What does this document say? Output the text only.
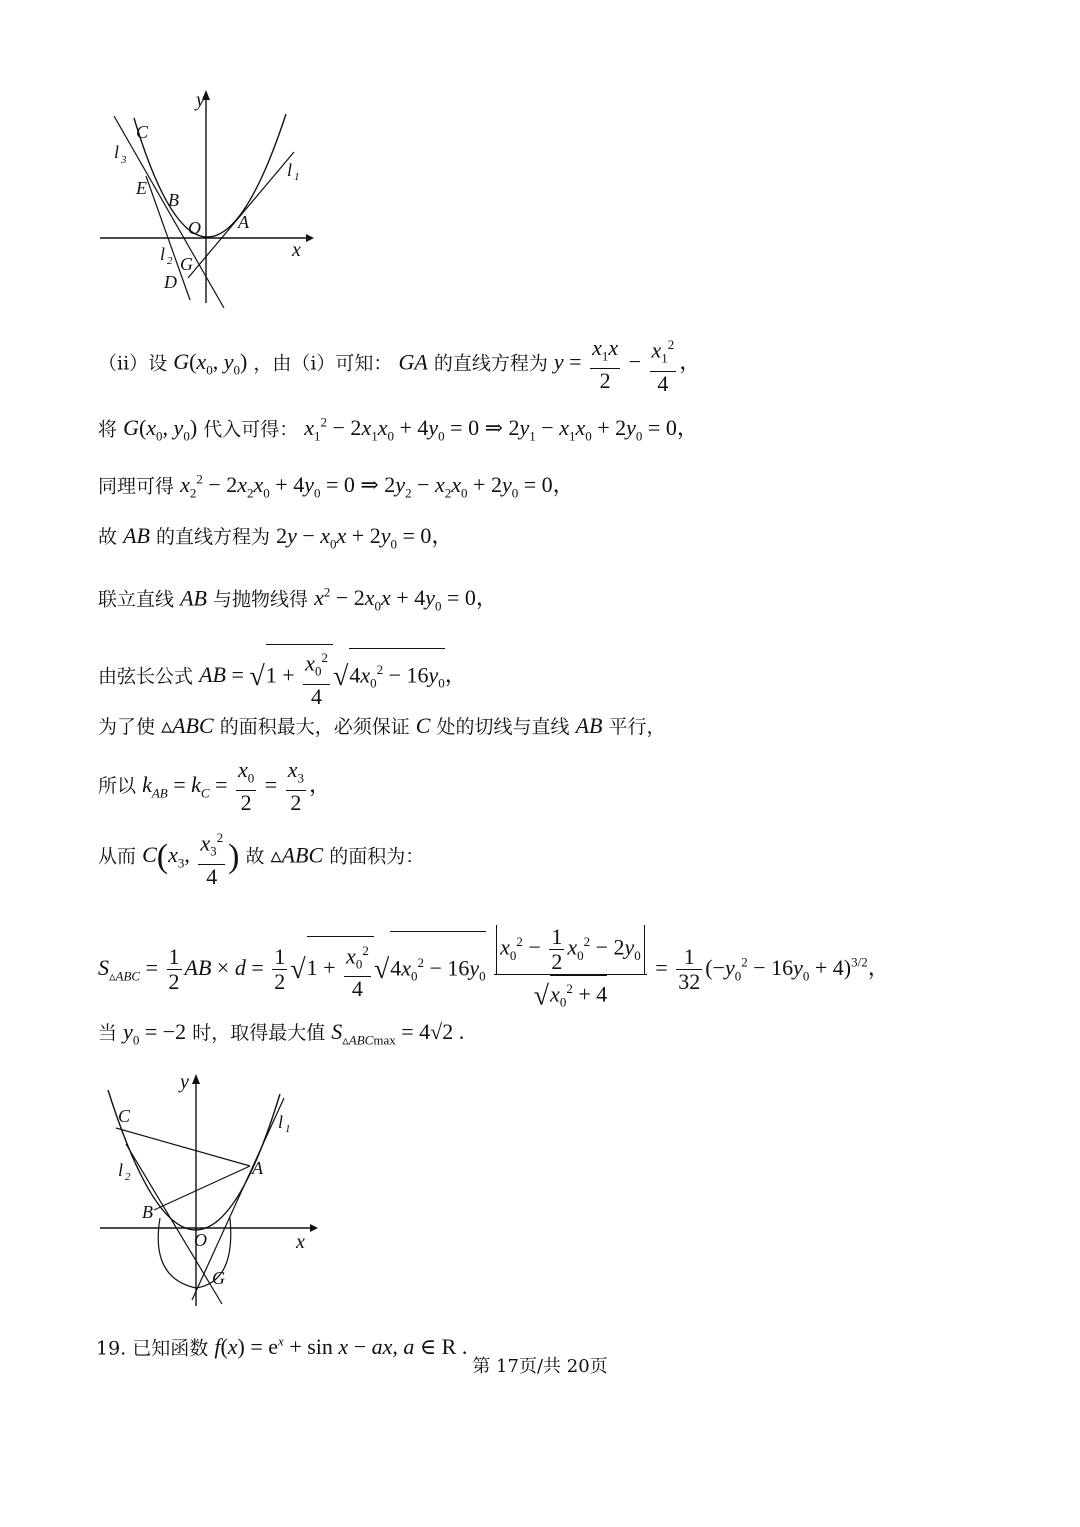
y
x
C
l 3
E
B
O A
l 1
l 2 G
D
（ii）设 $G(x_0$, $y_0$) ，由（i）可知： GA 的直线方程为 $y = \frac{x_1x}{2} - \frac{x_1^2}{4}$ ，
将 $G(x_0$, $y_0$) 代入可得： $x_1^2 - 2x_1x_0 + 4y_0 = 0$ ⇒ $2y_1 - x_1x_0 + 2y_0 = 0$，
同理可得 $x_2^2 - 2x_2x_0 + 4y_0 = 0$ ⇒ $2y_2 - x_2x_0 + 2y_0 = 0$，
故 AB 的直线方程为 $2y - x_0x + 2y_0 = 0$，
联立直线 AB 与抛物线得 $x^2 - 2x_0x + 4y_0 = 0$，
由弦长公式 AB = $√1 + \frac{x_0^2}{4} √4x_0^2 - 16y_0$，
为了使 ▵ABC 的面积最大，必须保证 C 处的切线与直线 AB 平行，
所以 $k_{AB} = k_C = \frac{x_0}{2} = \frac{x_3}{2}$ ，
从而 $C(x_3$, $\frac{x_3^2}{4}$ ) 故 ▵ABC 的面积为：
$S_{▵ABC} = \frac{1}{2}$ AB × $d = \frac{1}{2} √1 + \frac{x_0^2}{4} √4x_0^2 - 16y_0 \frac{x_0^2 - \frac{1}{2} x_0^2 - 2y_0}{√x_0^2 + 4} = \frac{1}{32} (-y_0^2 - 16y_0 + 4)^{3/2}$，
当 $y_0 = -2$ 时，取得最大值 $S_{▵ABCmax} = 4√2$ .
y
x
C	l 1
A
l 2
B
O
G
19. 已知函数 $f(x) = e^x + \sin x$ − ax, a ∈ R .
第 17页/共 20页
